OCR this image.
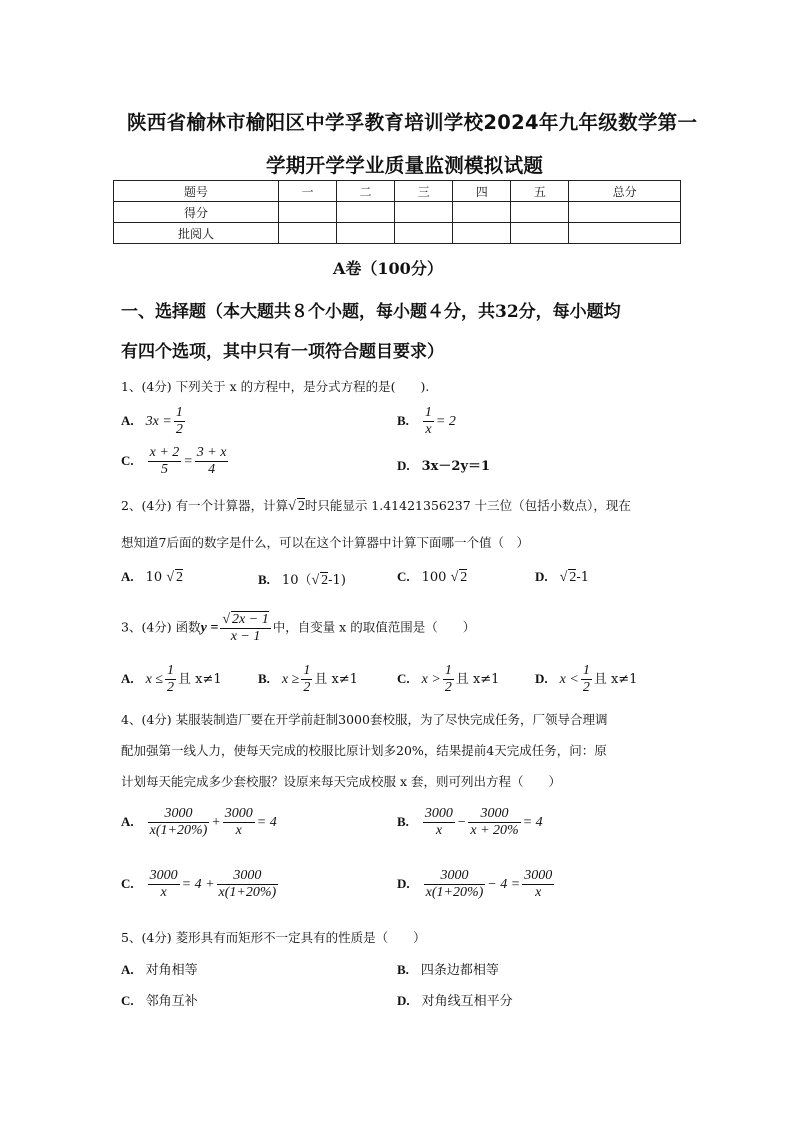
陕西省榆林市榆阳区中学孚教育培训学校2024年九年级数学第一
学期开学学业质量监测模拟试题
题号	一	二	三	四	五	总分
得分						
批阅人						
A卷（100分）
一、选择题（本大题共８个小题，每小题４分，共32分，每小题均
有四个选项，其中只有一项符合题目要求）
1、(4分) 下列关于 x 的方程中，是分式方程的是(　　).
A. $3x = \frac{1}{2}$	B. $\frac{1}{x} = 2$
C. $\frac{x + 2}{5} = \frac{3 + x}{4}$	D. 3x－2y＝1
2、(4分) 有一个计算器，计算√ 2时只能显示 1.41421356237 十三位（包括小数点），现在
想知道7后面的数字是什么，可以在这个计算器中计算下面哪一个值（　）
A. 10 √ 2	B. 10（√ 2-1)	C. 100 √ 2	D. √ 2-1
3、(4分) 函数$y = \frac{√ 2x - 1}{x - 1}$ 中，自变量 x 的取值范围是（　　）
A. $x \le \frac{1}{2}$ 且 x≠1	B. $x \ge \frac{1}{2}$ 且 x≠1	C. $x > \frac{1}{2}$ 且 x≠1	D. $x < \frac{1}{2}$ 且 x≠1
4、(4分) 某服装制造厂要在开学前赶制3000套校服，为了尽快完成任务，厂领导合理调
配加强第一线人力，使每天完成的校服比原计划多20%，结果提前4天完成任务，问：原
计划每天能完成多少套校服？设原来每天完成校服 x 套，则可列出方程（　　）
A. $\frac{3000}{x(1+20\%)} + \frac{3000}{x} = 4$	B. $\frac{3000}{x} - \frac{3000}{x + 20\%} = 4$
C. $\frac{3000}{x} = 4 + \frac{3000}{x(1+20\%)}$	D. $\frac{3000}{x(1+20\%)} - 4 = \frac{3000}{x}$
5、(4分) 菱形具有而矩形不一定具有的性质是（　　）
A. 对角相等	B. 四条边都相等
C. 邻角互补	D. 对角线互相平分
